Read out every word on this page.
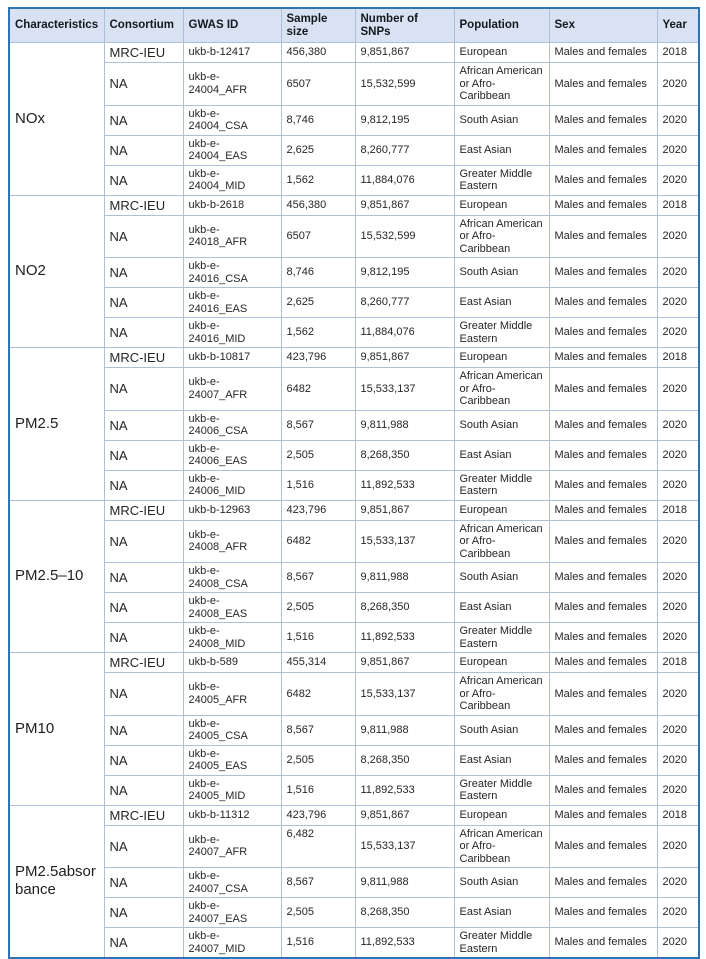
Characteristics	Consortium	GWAS ID	Sample size	Number of SNPs	Population	Sex	Year
NOx	MRC-IEU	ukb-b-12417	456,380	9,851,867	European	Males and females	2018
	NA	ukb-e-24004_AFR	6507	15,532,599	African American or Afro-Caribbean	Males and females	2020
	NA	ukb-e-24004_CSA	8,746	9,812,195	South Asian	Males and females	2020
	NA	ukb-e-24004_EAS	2,625	8,260,777	East Asian	Males and females	2020
	NA	ukb-e-24004_MID	1,562	11,884,076	Greater Middle Eastern	Males and females	2020
NO2	MRC-IEU	ukb-b-2618	456,380	9,851,867	European	Males and females	2018
	NA	ukb-e-24018_AFR	6507	15,532,599	African American or Afro-Caribbean	Males and females	2020
	NA	ukb-e-24016_CSA	8,746	9,812,195	South Asian	Males and females	2020
	NA	ukb-e-24016_EAS	2,625	8,260,777	East Asian	Males and females	2020
	NA	ukb-e-24016_MID	1,562	11,884,076	Greater Middle Eastern	Males and females	2020
PM2.5	MRC-IEU	ukb-b-10817	423,796	9,851,867	European	Males and females	2018
	NA	ukb-e-24007_AFR	6482	15,533,137	African American or Afro-Caribbean	Males and females	2020
	NA	ukb-e-24006_CSA	8,567	9,811,988	South Asian	Males and females	2020
	NA	ukb-e-24006_EAS	2,505	8,268,350	East Asian	Males and females	2020
	NA	ukb-e-24006_MID	1,516	11,892,533	Greater Middle Eastern	Males and females	2020
PM2.5–10	MRC-IEU	ukb-b-12963	423,796	9,851,867	European	Males and females	2018
	NA	ukb-e-24008_AFR	6482	15,533,137	African American or Afro-Caribbean	Males and females	2020
	NA	ukb-e-24008_CSA	8,567	9,811,988	South Asian	Males and females	2020
	NA	ukb-e-24008_EAS	2,505	8,268,350	East Asian	Males and females	2020
	NA	ukb-e-24008_MID	1,516	11,892,533	Greater Middle Eastern	Males and females	2020
PM10	MRC-IEU	ukb-b-589	455,314	9,851,867	European	Males and females	2018
	NA	ukb-e-24005_AFR	6482	15,533,137	African American or Afro-Caribbean	Males and females	2020
	NA	ukb-e-24005_CSA	8,567	9,811,988	South Asian	Males and females	2020
	NA	ukb-e-24005_EAS	2,505	8,268,350	East Asian	Males and females	2020
	NA	ukb-e-24005_MID	1,516	11,892,533	Greater Middle Eastern	Males and females	2020
PM2.5absorbance	MRC-IEU	ukb-b-11312	423,796	9,851,867	European	Males and females	2018
	NA	ukb-e-24007_AFR	6,482	15,533,137	African American or Afro-Caribbean	Males and females	2020
	NA	ukb-e-24007_CSA	8,567	9,811,988	South Asian	Males and females	2020
	NA	ukb-e-24007_EAS	2,505	8,268,350	East Asian	Males and females	2020
	NA	ukb-e-24007_MID	1,516	11,892,533	Greater Middle Eastern	Males and females	2020
